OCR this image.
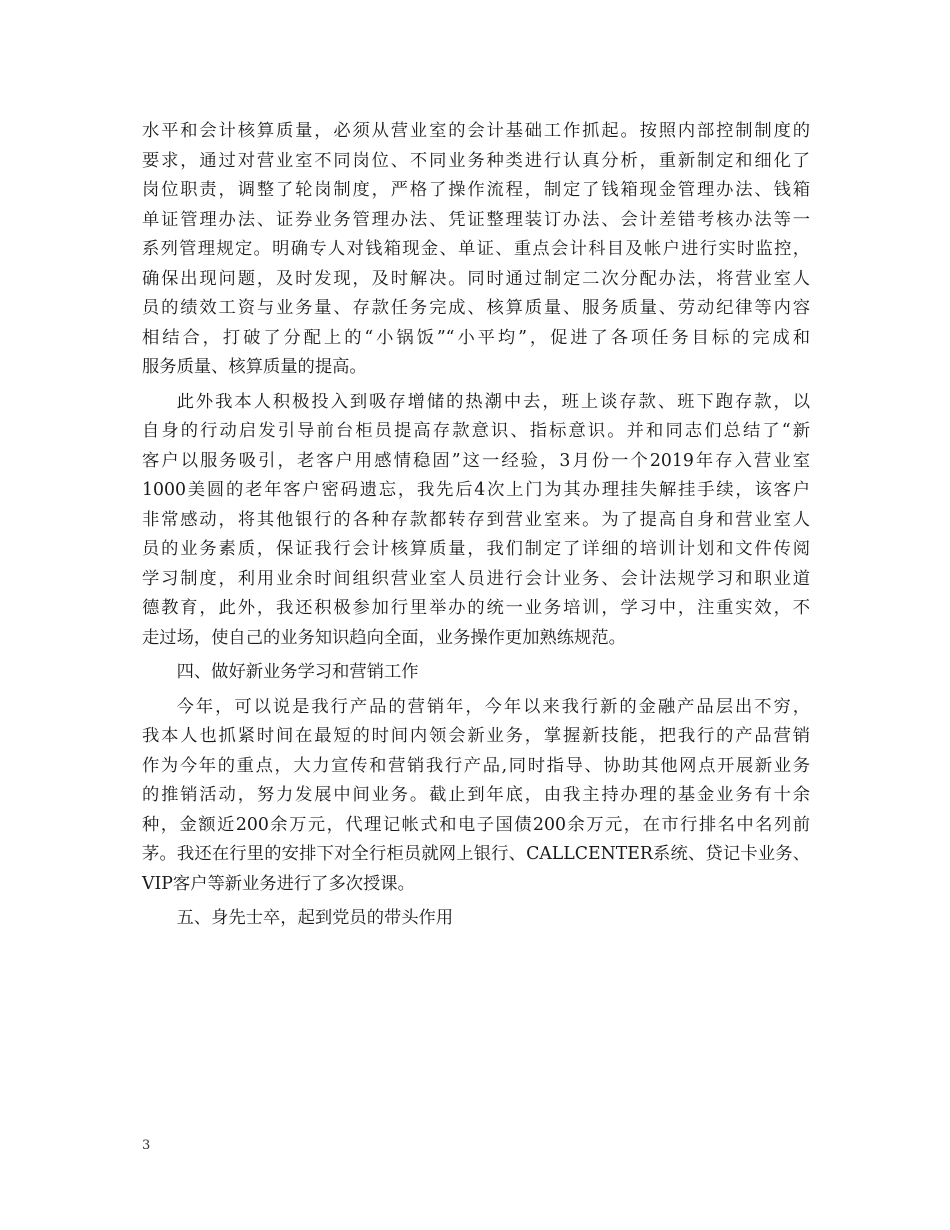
水平和会计核算质量，必须从营业室的会计基础工作抓起。按照内部控制制度的
要求，通过对营业室不同岗位、不同业务种类进行认真分析，重新制定和细化了
岗位职责，调整了轮岗制度，严格了操作流程，制定了钱箱现金管理办法、钱箱
单证管理办法、证券业务管理办法、凭证整理装订办法、会计差错考核办法等一
系列管理规定。明确专人对钱箱现金、单证、重点会计科目及帐户进行实时监控，
确保出现问题，及时发现，及时解决。同时通过制定二次分配办法，将营业室人
员的绩效工资与业务量、存款任务完成、核算质量、服务质量、劳动纪律等内容
相结合，打破了分配上的“小锅饭”“小平均”，促进了各项任务目标的完成和
服务质量、核算质量的提高。

此外我本人积极投入到吸存增储的热潮中去，班上谈存款、班下跑存款，以
自身的行动启发引导前台柜员提高存款意识、指标意识。并和同志们总结了“新
客户以服务吸引，老客户用感情稳固”这一经验，3月份一个2019年存入营业室
1000美圆的老年客户密码遗忘，我先后4次上门为其办理挂失解挂手续，该客户
非常感动，将其他银行的各种存款都转存到营业室来。为了提高自身和营业室人
员的业务素质，保证我行会计核算质量，我们制定了详细的培训计划和文件传阅
学习制度，利用业余时间组织营业室人员进行会计业务、会计法规学习和职业道
德教育，此外，我还积极参加行里举办的统一业务培训，学习中，注重实效，不
走过场，使自己的业务知识趋向全面，业务操作更加熟练规范。

四、做好新业务学习和营销工作

今年，可以说是我行产品的营销年，今年以来我行新的金融产品层出不穷，
我本人也抓紧时间在最短的时间内领会新业务，掌握新技能，把我行的产品营销
作为今年的重点，大力宣传和营销我行产品,同时指导、协助其他网点开展新业务
的推销活动，努力发展中间业务。截止到年底，由我主持办理的基金业务有十余
种，金额近200余万元，代理记帐式和电子国债200余万元，在市行排名中名列前
茅。我还在行里的安排下对全行柜员就网上银行、CALLCENTER系统、贷记卡业务、
VIP客户等新业务进行了多次授课。

五、身先士卒，起到党员的带头作用

3
